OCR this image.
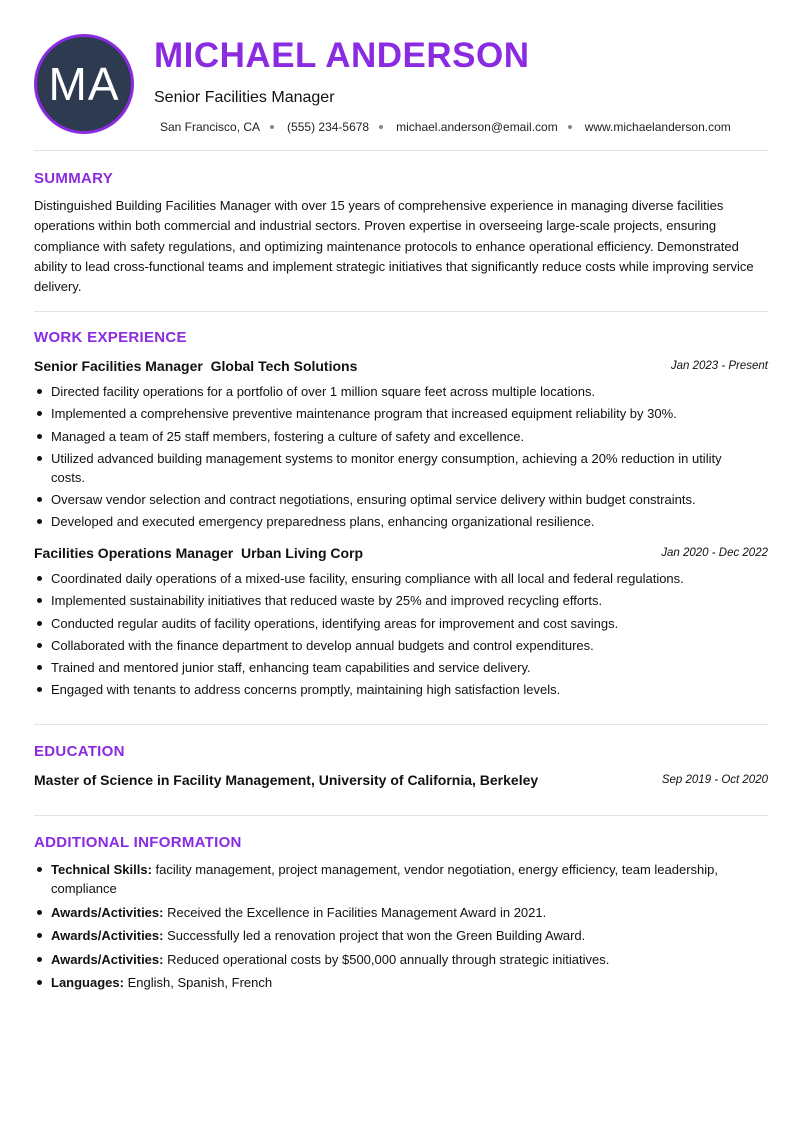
MA
MICHAEL ANDERSON
Senior Facilities Manager
San Francisco, CA (555) 234-5678 michael.anderson@email.com www.michaelanderson.com
SUMMARY
Distinguished Building Facilities Manager with over 15 years of comprehensive experience in managing diverse facilities operations within both commercial and industrial sectors. Proven expertise in overseeing large-scale projects, ensuring compliance with safety regulations, and optimizing maintenance protocols to enhance operational efficiency. Demonstrated ability to lead cross-functional teams and implement strategic initiatives that significantly reduce costs while improving service delivery.
WORK EXPERIENCE
Senior Facilities Manager Global Tech Solutions	Jan 2023 - Present
Directed facility operations for a portfolio of over 1 million square feet across multiple locations.
Implemented a comprehensive preventive maintenance program that increased equipment reliability by 30%.
Managed a team of 25 staff members, fostering a culture of safety and excellence.
Utilized advanced building management systems to monitor energy consumption, achieving a 20% reduction in utility costs.
Oversaw vendor selection and contract negotiations, ensuring optimal service delivery within budget constraints.
Developed and executed emergency preparedness plans, enhancing organizational resilience.
Facilities Operations Manager Urban Living Corp	Jan 2020 - Dec 2022
Coordinated daily operations of a mixed-use facility, ensuring compliance with all local and federal regulations.
Implemented sustainability initiatives that reduced waste by 25% and improved recycling efforts.
Conducted regular audits of facility operations, identifying areas for improvement and cost savings.
Collaborated with the finance department to develop annual budgets and control expenditures.
Trained and mentored junior staff, enhancing team capabilities and service delivery.
Engaged with tenants to address concerns promptly, maintaining high satisfaction levels.
EDUCATION
Master of Science in Facility Management, University of California, Berkeley	Sep 2019 - Oct 2020
ADDITIONAL INFORMATION
Technical Skills: facility management, project management, vendor negotiation, energy efficiency, team leadership, compliance
Awards/Activities: Received the Excellence in Facilities Management Award in 2021.
Awards/Activities: Successfully led a renovation project that won the Green Building Award.
Awards/Activities: Reduced operational costs by $500,000 annually through strategic initiatives.
Languages: English, Spanish, French
